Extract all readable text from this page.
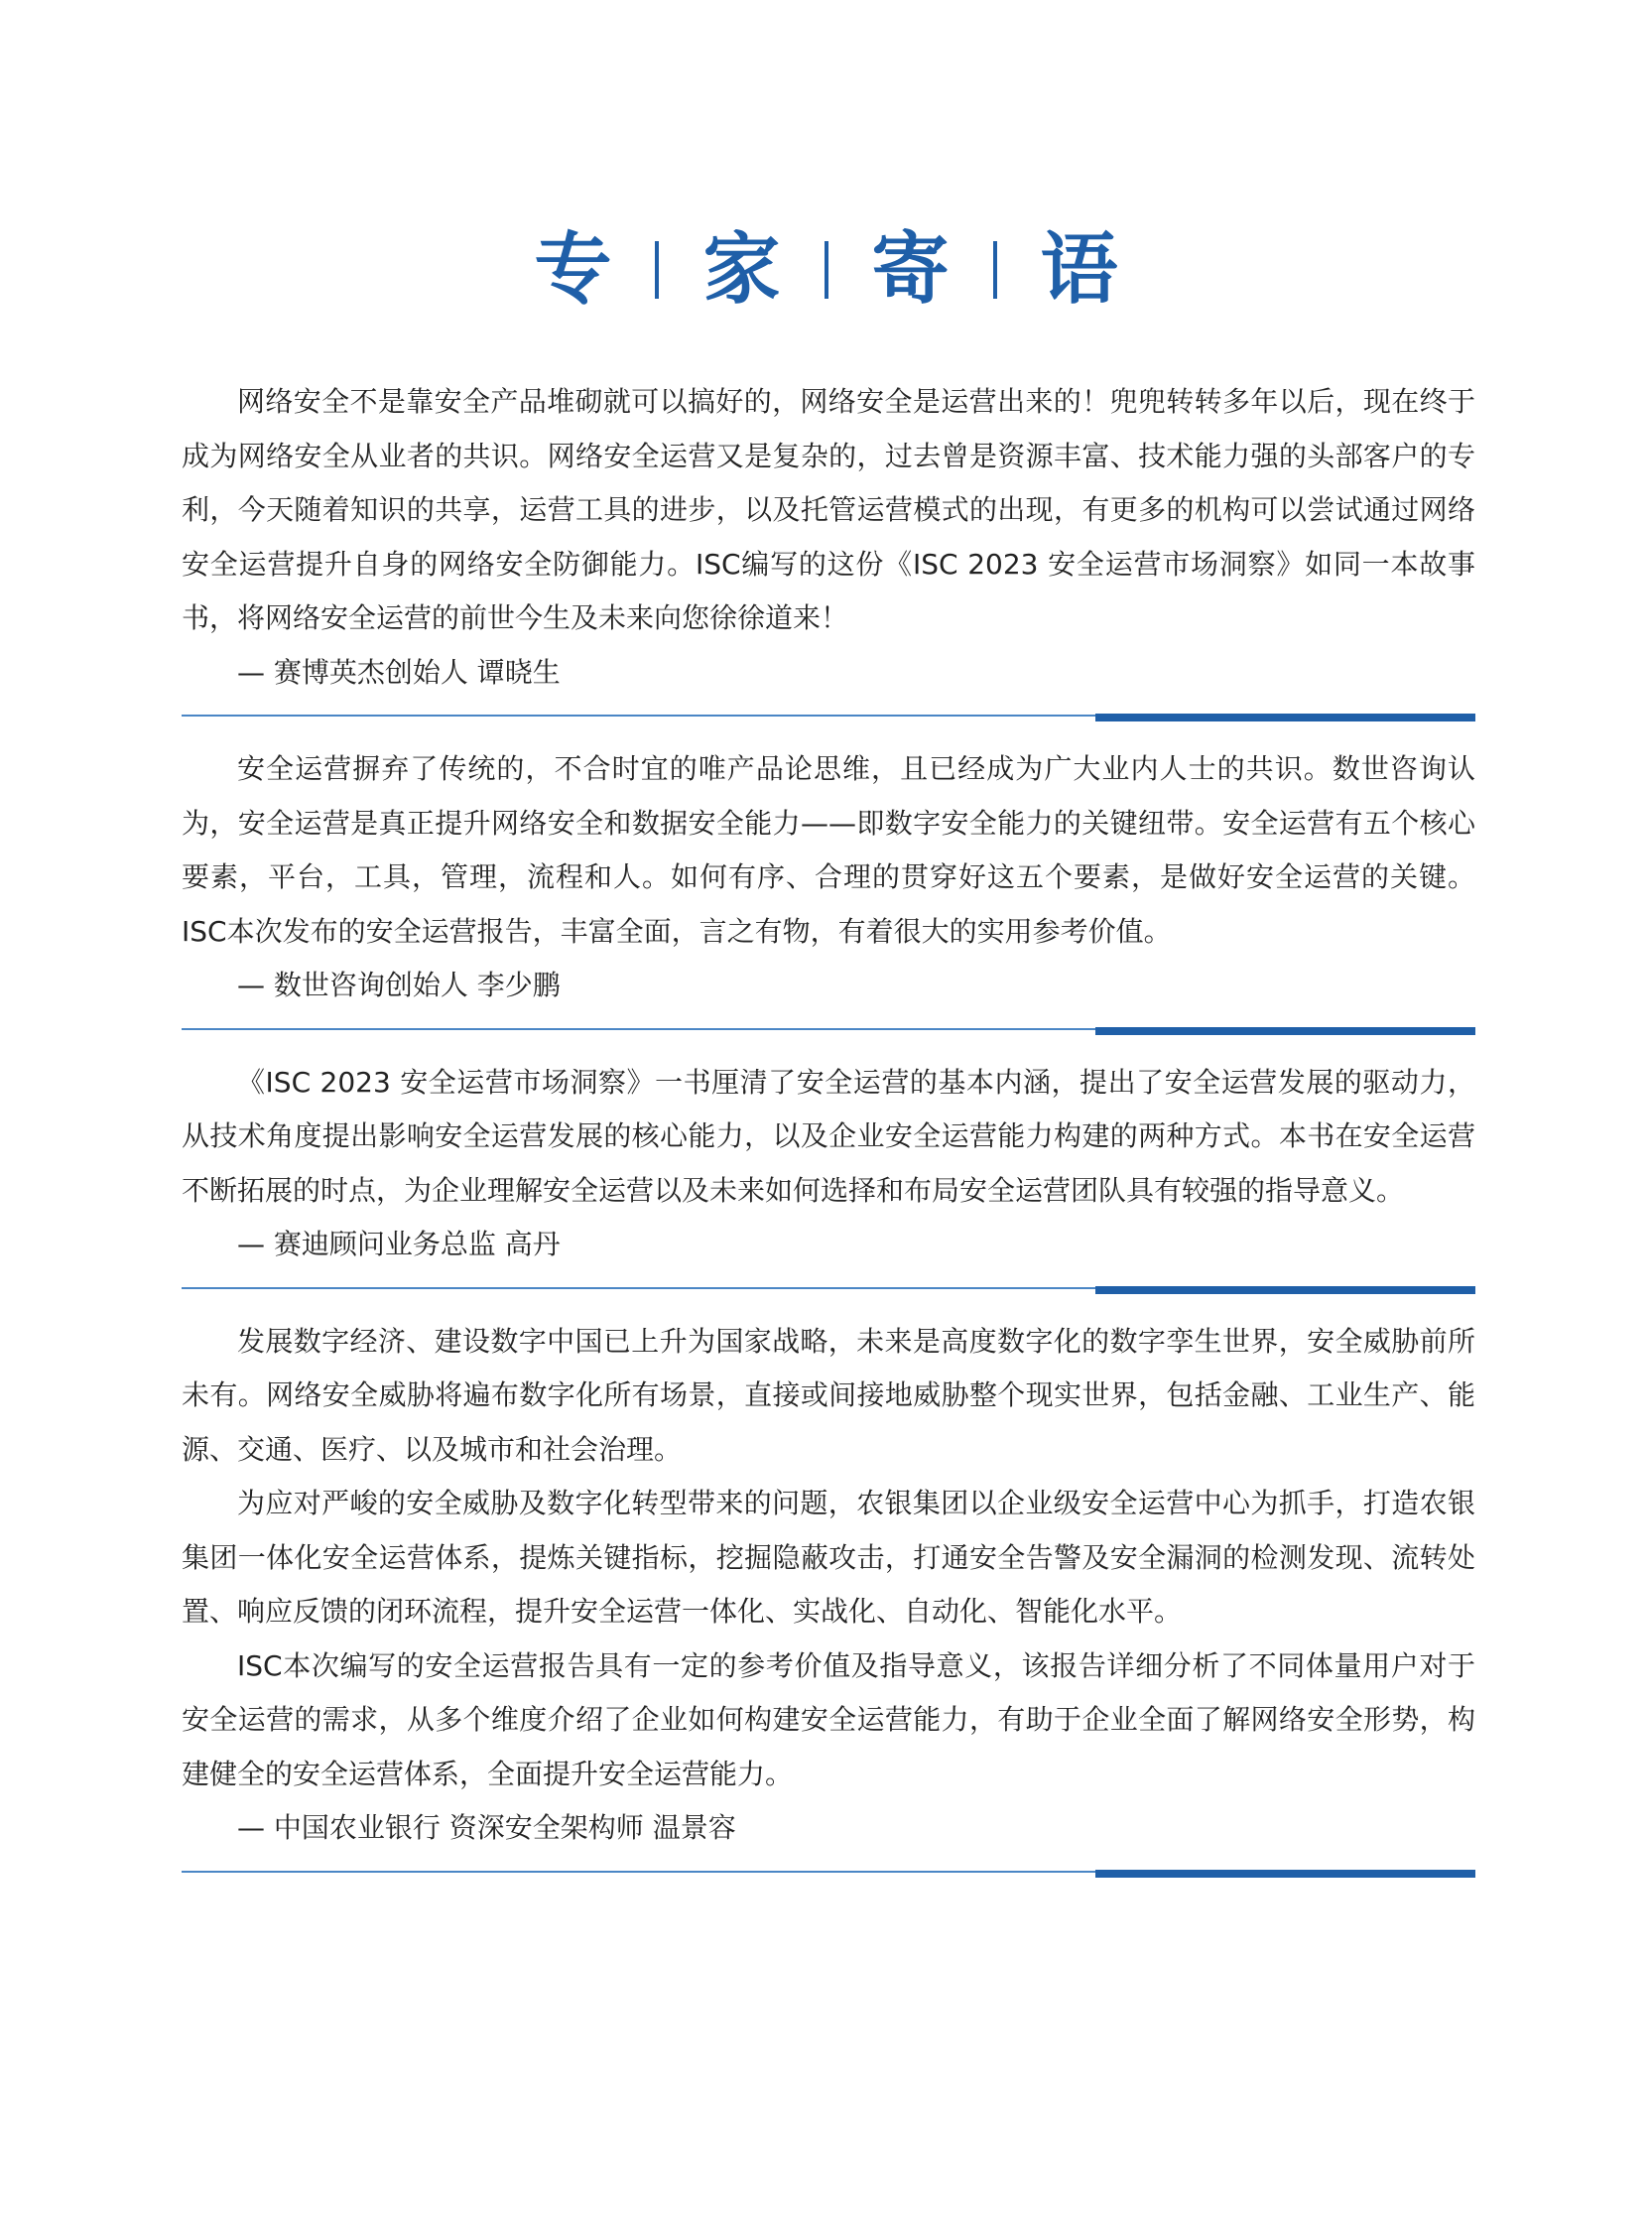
专 家 寄 语

网络安全不是靠安全产品堆砌就可以搞好的，网络安全是运营出来的！兜兜转转多年以后，现在终于成为网络安全从业者的共识。网络安全运营又是复杂的，过去曾是资源丰富、技术能力强的头部客户的专利，今天随着知识的共享，运营工具的进步，以及托管运营模式的出现，有更多的机构可以尝试通过网络安全运营提升自身的网络安全防御能力。ISC编写的这份《ISC 2023 安全运营市场洞察》如同一本故事书，将网络安全运营的前世今生及未来向您徐徐道来！

— 赛博英杰创始人 谭晓生

安全运营摒弃了传统的，不合时宜的唯产品论思维，且已经成为广大业内人士的共识。数世咨询认为，安全运营是真正提升网络安全和数据安全能力——即数字安全能力的关键纽带。安全运营有五个核心要素，平台，工具，管理，流程和人。如何有序、合理的贯穿好这五个要素，是做好安全运营的关键。ISC本次发布的安全运营报告，丰富全面，言之有物，有着很大的实用参考价值。

— 数世咨询创始人 李少鹏

《ISC 2023 安全运营市场洞察》一书厘清了安全运营的基本内涵，提出了安全运营发展的驱动力，从技术角度提出影响安全运营发展的核心能力，以及企业安全运营能力构建的两种方式。本书在安全运营不断拓展的时点，为企业理解安全运营以及未来如何选择和布局安全运营团队具有较强的指导意义。

— 赛迪顾问业务总监 高丹

发展数字经济、建设数字中国已上升为国家战略，未来是高度数字化的数字孪生世界，安全威胁前所未有。网络安全威胁将遍布数字化所有场景，直接或间接地威胁整个现实世界，包括金融、工业生产、能源、交通、医疗、以及城市和社会治理。

为应对严峻的安全威胁及数字化转型带来的问题，农银集团以企业级安全运营中心为抓手，打造农银集团一体化安全运营体系，提炼关键指标，挖掘隐蔽攻击，打通安全告警及安全漏洞的检测发现、流转处置、响应反馈的闭环流程，提升安全运营一体化、实战化、自动化、智能化水平。

ISC本次编写的安全运营报告具有一定的参考价值及指导意义，该报告详细分析了不同体量用户对于安全运营的需求，从多个维度介绍了企业如何构建安全运营能力，有助于企业全面了解网络安全形势，构建健全的安全运营体系，全面提升安全运营能力。

— 中国农业银行 资深安全架构师 温景容
